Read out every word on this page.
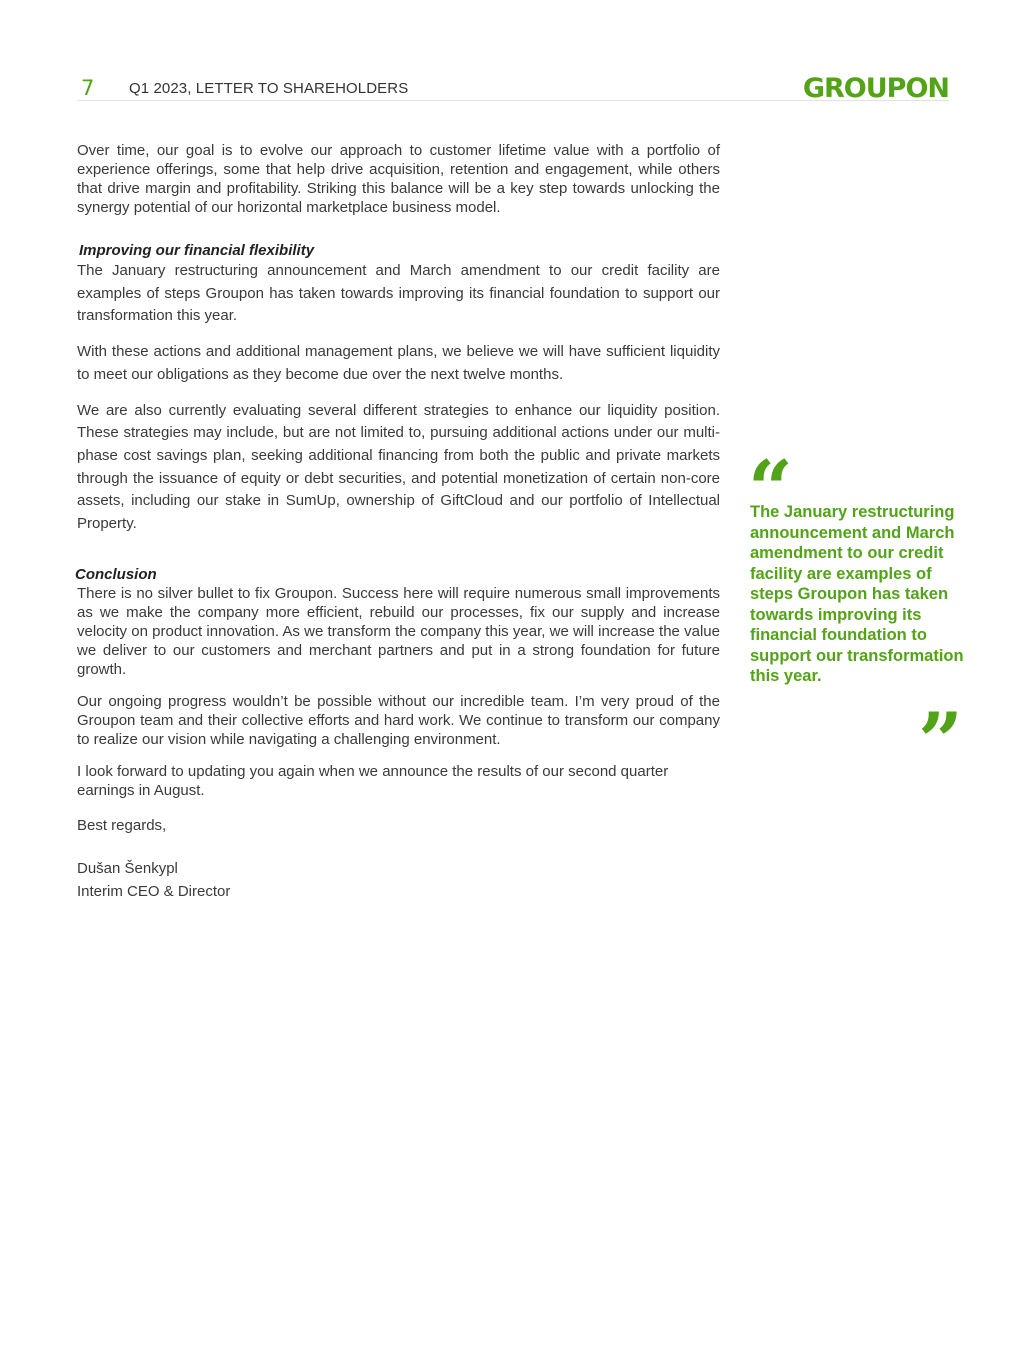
7 Q1 2023, LETTER TO SHAREHOLDERS	GROUPON

Over time, our goal is to evolve our approach to customer lifetime value with a portfolio of experience offerings, some that help drive acquisition, retention and engagement, while others that drive margin and profitability. Striking this balance will be a key step towards unlocking the synergy potential of our horizontal marketplace business model.

Improving our financial flexibility

The January restructuring announcement and March amendment to our credit facility are examples of steps Groupon has taken towards improving its financial foundation to support our transformation this year.

With these actions and additional management plans, we believe we will have sufficient liquidity to meet our obligations as they become due over the next twelve months.

We are also currently evaluating several different strategies to enhance our liquidity position. These strategies may include, but are not limited to, pursuing additional actions under our multi-phase cost savings plan, seeking additional financing from both the public and private markets through the issuance of equity or debt securities, and potential monetization of certain non-core assets, including our stake in SumUp, ownership of GiftCloud and our portfolio of Intellectual Property.

Conclusion

There is no silver bullet to fix Groupon. Success here will require numerous small improvements as we make the company more efficient, rebuild our processes, fix our supply and increase velocity on product innovation. As we transform the company this year, we will increase the value we deliver to our customers and merchant partners and put in a strong foundation for future growth.

Our ongoing progress wouldn’t be possible without our incredible team. I’m very proud of the Groupon team and their collective efforts and hard work. We continue to transform our company to realize our vision while navigating a challenging environment.

I look forward to updating you again when we announce the results of our second quarter earnings in August.

Best regards,

Dušan Šenkypl

Interim CEO & Director

“
The January restructuring announcement and March amendment to our credit facility are examples of steps Groupon has taken towards improving its financial foundation to support our transformation this year.
”
